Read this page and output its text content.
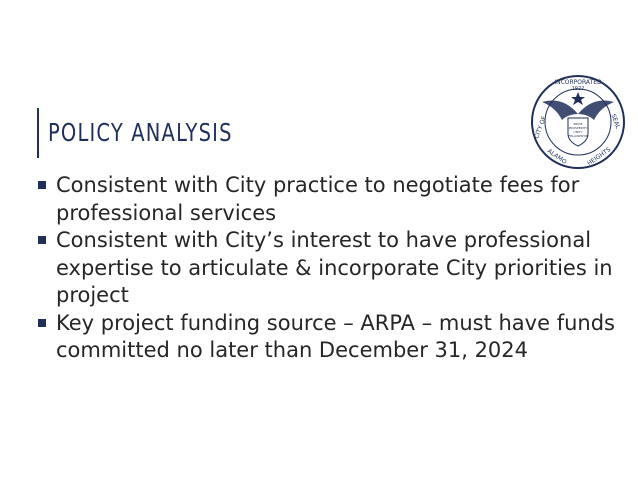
POLICY ANALYSIS
INCORPORATED
1922
CITY OF	SEAL
ALAMO	HEIGHTS
PRIDE
PROSPERITY
UNITY
FELLOWSHIP
Consistent with City practice to negotiate fees for professional services
Consistent with City’s interest to have professional expertise to articulate & incorporate City priorities in project
Key project funding source – ARPA – must have funds committed no later than December 31, 2024
